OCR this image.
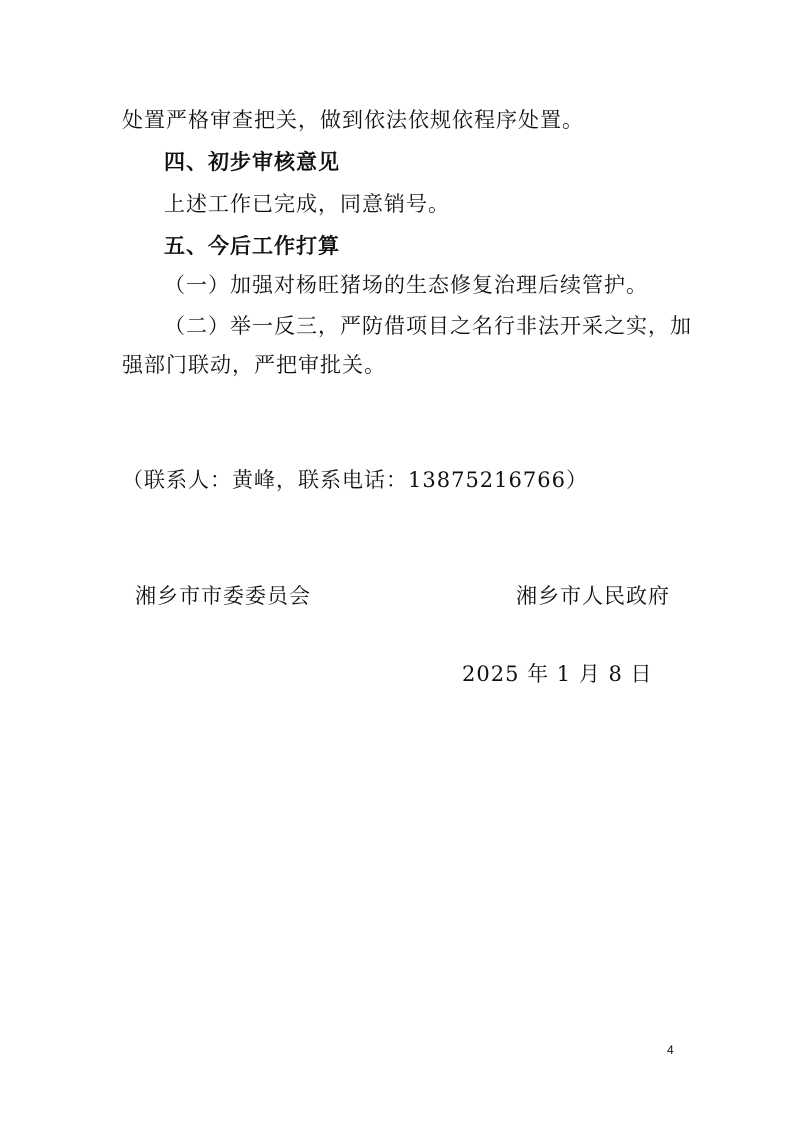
处置严格审查把关，做到依法依规依程序处置。
四、初步审核意见
上述工作已完成，同意销号。
五、今后工作打算
（一）加强对杨旺猪场的生态修复治理后续管护。
（二）举一反三，严防借项目之名行非法开采之实，加
强部门联动，严把审批关。
（联系人：黄峰，联系电话：13875216766）
湘乡市市委委员会	湘乡市人民政府
2025 年 1 月 8 日
4
